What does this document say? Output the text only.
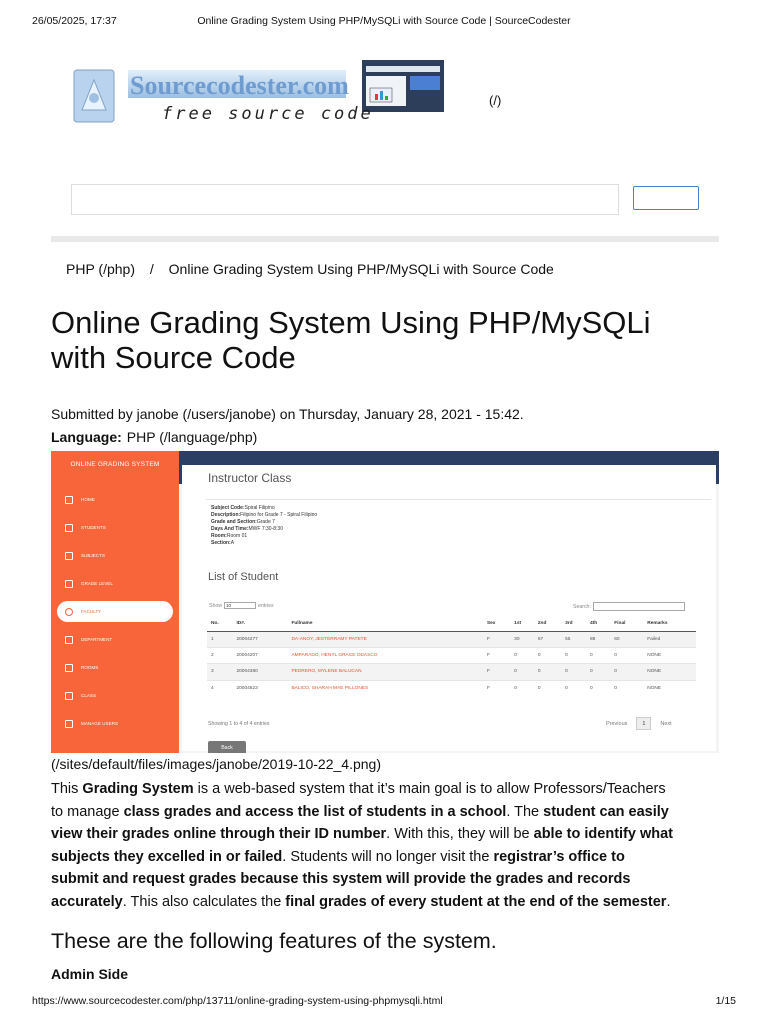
26/05/2025, 17:37	Online Grading System Using PHP/MySQLi with Source Code | SourceCodester
Sourcecodester.com
free source code
(/)
PHP (/php) / Online Grading System Using PHP/MySQLi with Source Code
Online Grading System Using PHP/MySQLi with Source Code
Submitted by janobe (/users/janobe) on Thursday, January 28, 2021 - 15:42.
Language: PHP (/language/php)
ONLINE GRADING SYSTEM
HOME
STUDENTS
SUBJECTS
GRADE LEVEL
FACULTY
DEPARTMENT
ROOMS
CLASS
MANAGE USERS
Instructor Class
Subject Code:Spiral Filipino
Description:Filipino for Grade 7 - Spiral Filipino
Grade and Section:Grade 7
Days And Time:MWF 7:30-8:30
Room:Room 01
Section:A
List of Student
Show 10	entries	Search:
No.	ID#.	Fullname	Sex	1st	2nd	3rd	4th	Final	Remarks
1	20004277	DA-ANOY, JESTERRAMY PATETE	F	30	67	55	88	60	Failed
2	20004207	AMPARADO, HENYL GRACE ODASCO	F	0	0	0	0	0	NONE
3	20004380	PEDRERO, MYLENE BALUCAN	F	0	0	0	0	0	NONE
4	20004623	BALICO, SHARAH MAE PILLONES	F	0	0	0	0	0	NONE
Showing 1 to 4 of 4 entries	Previous	1	Next
Back
(/sites/default/files/images/janobe/2019-10-22_4.png)

This Grading System is a web-based system that it’s main goal is to allow Professors/Teachers

to manage class grades and access the list of students in a school. The student can easily

view their grades online through their ID number. With this, they will be able to identify what

subjects they excelled in or failed. Students will no longer visit the registrar’s office to

submit and request grades because this system will provide the grades and records

accurately. This also calculates the final grades of every student at the end of the semester.

These are the following features of the system.
Admin Side
https://www.sourcecodester.com/php/13711/online-grading-system-using-phpmysqli.html	1/15
